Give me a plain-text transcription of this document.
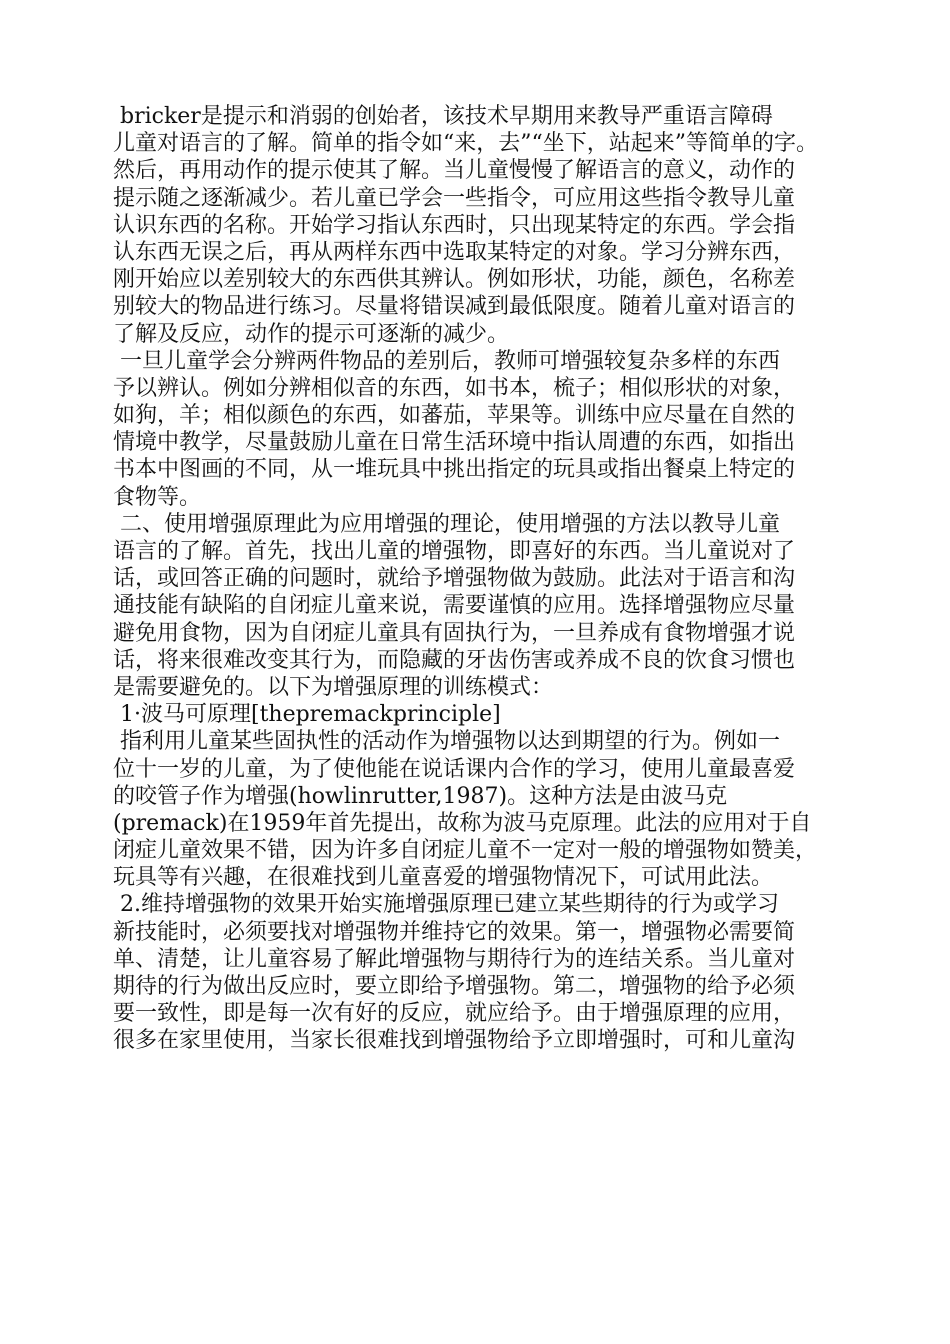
bricker是提示和消弱的创始者，该技术早期用来教导严重语言障碍
儿童对语言的了解。简单的指令如“来，去”“坐下，站起来”等简单的字。
然后，再用动作的提示使其了解。当儿童慢慢了解语言的意义，动作的
提示随之逐渐减少。若儿童已学会一些指令，可应用这些指令教导儿童
认识东西的名称。开始学习指认东西时，只出现某特定的东西。学会指
认东西无误之后，再从两样东西中选取某特定的对象。学习分辨东西，
刚开始应以差别较大的东西供其辨认。例如形状，功能，颜色，名称差
别较大的物品进行练习。尽量将错误减到最低限度。随着儿童对语言的
了解及反应，动作的提示可逐渐的减少。
一旦儿童学会分辨两件物品的差别后，教师可增强较复杂多样的东西
予以辨认。例如分辨相似音的东西，如书本，梳子；相似形状的对象，
如狗，羊；相似颜色的东西，如蕃茄，苹果等。训练中应尽量在自然的
情境中教学，尽量鼓励儿童在日常生活环境中指认周遭的东西，如指出
书本中图画的不同，从一堆玩具中挑出指定的玩具或指出餐桌上特定的
食物等。
二、使用增强原理此为应用增强的理论，使用增强的方法以教导儿童
语言的了解。首先，找出儿童的增强物，即喜好的东西。当儿童说对了
话，或回答正确的问题时，就给予增强物做为鼓励。此法对于语言和沟
通技能有缺陷的自闭症儿童来说，需要谨慎的应用。选择增强物应尽量
避免用食物，因为自闭症儿童具有固执行为，一旦养成有食物增强才说
话，将来很难改变其行为，而隐藏的牙齿伤害或养成不良的饮食习惯也
是需要避免的。以下为增强原理的训练模式：
1·波马可原理[thepremackprinciple]
指利用儿童某些固执性的活动作为增强物以达到期望的行为。例如一
位十一岁的儿童，为了使他能在说话课内合作的学习，使用儿童最喜爱
的咬管子作为增强(howlinrutter,1987)。这种方法是由波马克
(premack)在1959年首先提出，故称为波马克原理。此法的应用对于自
闭症儿童效果不错，因为许多自闭症儿童不一定对一般的增强物如赞美，
玩具等有兴趣，在很难找到儿童喜爱的增强物情况下，可试用此法。
2.维持增强物的效果开始实施增强原理已建立某些期待的行为或学习
新技能时，必须要找对增强物并维持它的效果。第一，增强物必需要简
单、清楚，让儿童容易了解此增强物与期待行为的连结关系。当儿童对
期待的行为做出反应时，要立即给予增强物。第二，增强物的给予必须
要一致性，即是每一次有好的反应，就应给予。由于增强原理的应用，
很多在家里使用，当家长很难找到增强物给予立即增强时，可和儿童沟
